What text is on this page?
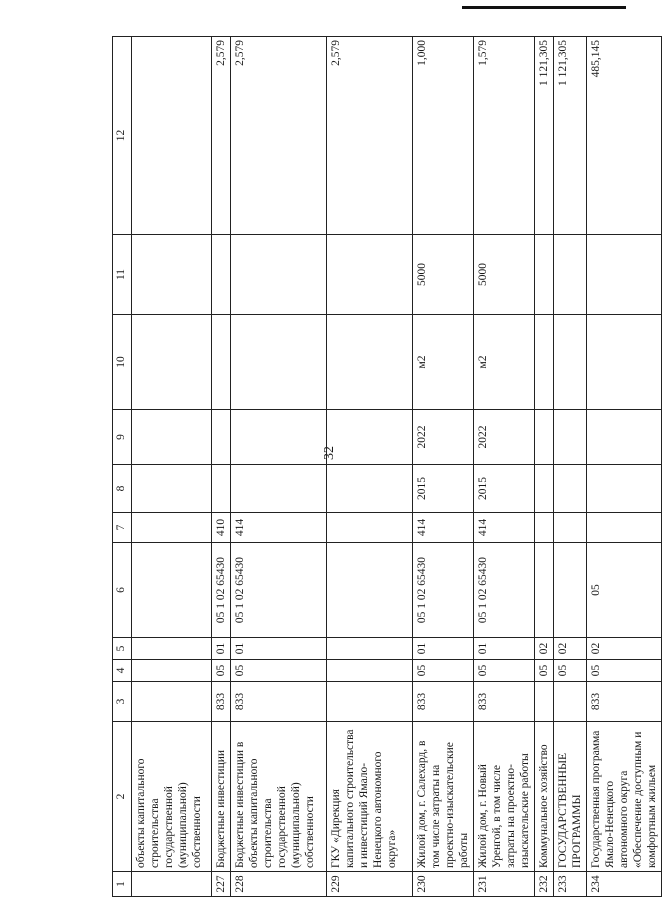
32
1	2	3	4	5	6	7	8	9	10	11	12
	объекты капитального строительства государственной (муниципальной) собственности										
227	Бюджетные инвестиции	833	05	01	05 1 02 65430	410					2,579
228	Бюджетные инвестиции в объекты капитального строительства государственной (муниципальной) собственности	833	05	01	05 1 02 65430	414					2,579
229	ГКУ «Дирекция капитального строительства и инвестиций Ямало-Ненецкого автономного округа»										2,579
230	Жилой дом, г. Салехард, в том числе затраты на проектно-изыскательские работы	833	05	01	05 1 02 65430	414	2015	2022	м2	5000	1,000
231	Жилой дом, г. Новый Уренгой, в том числе затраты на проектно-изыскательские работы	833	05	01	05 1 02 65430	414	2015	2022	м2	5000	1,579
232	Коммунальное хозяйство		05	02							1 121,305
233	ГОСУДАРСТВЕННЫЕ ПРОГРАММЫ		05	02							1 121,305
234	Государственная программа Ямало-Ненецкого автономного округа «Обеспечение доступным и комфортным жильем	833	05	02	05						485,145
